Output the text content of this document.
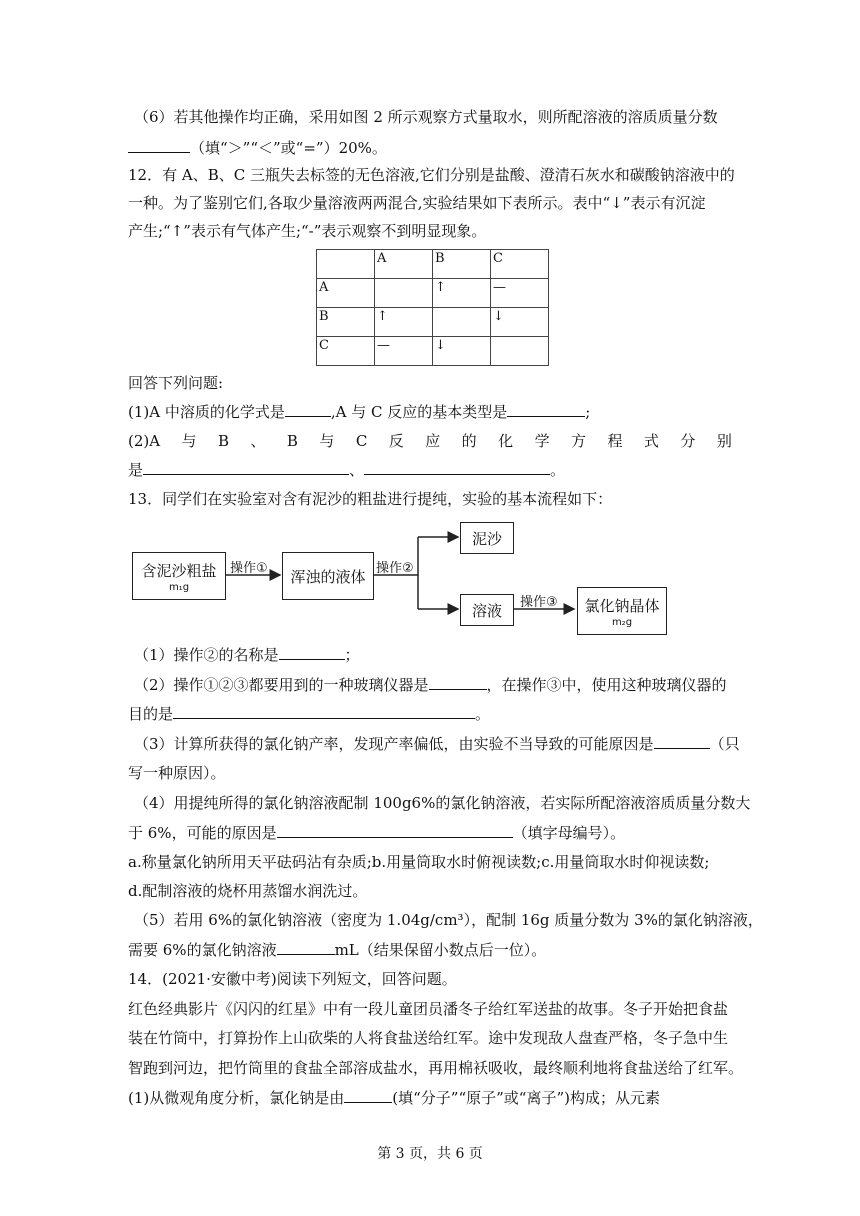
（6）若其他操作均正确，采用如图 2 所示观察方式量取水，则所配溶液的溶质质量分数
（填“＞”“＜”或“=”）20%。
12．有 A、B、C 三瓶失去标签的无色溶液,它们分别是盐酸、澄清石灰水和碳酸钠溶液中的
一种。为了鉴别它们,各取少量溶液两两混合,实验结果如下表所示。表中“↓”表示有沉淀
产生;“↑”表示有气体产生;“-”表示观察不到明显现象。
	A	B	C
A		↑	—
B	↑		↓
C	—	↓	
回答下列问题:
(1)A 中溶质的化学式是	,A 与 C 反应的基本类型是	;
(2)A 与 B 、 B 与 C 反 应 的 化 学 方 程 式 分 别
是	、	。
13．同学们在实验室对含有泥沙的粗盐进行提纯，实验的基本流程如下：
含泥沙粗盐
m₁g
操作① 浑浊的液体 操作②
泥沙
溶液 操作③ 氯化钠晶体
m₂g
（1）操作②的名称是	；
（2）操作①②③都要用到的一种玻璃仪器是	，在操作③中，使用这种玻璃仪器的
目的是	。
（3）计算所获得的氯化钠产率，发现产率偏低，由实验不当导致的可能原因是	（只
写一种原因）。
（4）用提纯所得的氯化钠溶液配制 100g6%的氯化钠溶液，若实际所配溶液溶质质量分数大
于 6%，可能的原因是	（填字母编号）。
a.称量氯化钠所用天平砝码沾有杂质;b.用量筒取水时俯视读数;c.用量筒取水时仰视读数;
d.配制溶液的烧杯用蒸馏水润洗过。
（5）若用 6%的氯化钠溶液（密度为 1.04g/cm³），配制 16g 质量分数为 3%的氯化钠溶液，
需要 6%的氯化钠溶液	mL（结果保留小数点后一位）。
14．(2021·安徽中考)阅读下列短文，回答问题。
红色经典影片《闪闪的红星》中有一段儿童团员潘冬子给红军送盐的故事。冬子开始把食盐
装在竹筒中，打算扮作上山砍柴的人将食盐送给红军。途中发现敌人盘查严格，冬子急中生
智跑到河边，把竹筒里的食盐全部溶成盐水，再用棉袄吸收，最终顺利地将食盐送给了红军。
(1)从微观角度分析，氯化钠是由	(填“分子”“原子”或“离子”)构成；从元素
第 3 页，共 6 页
